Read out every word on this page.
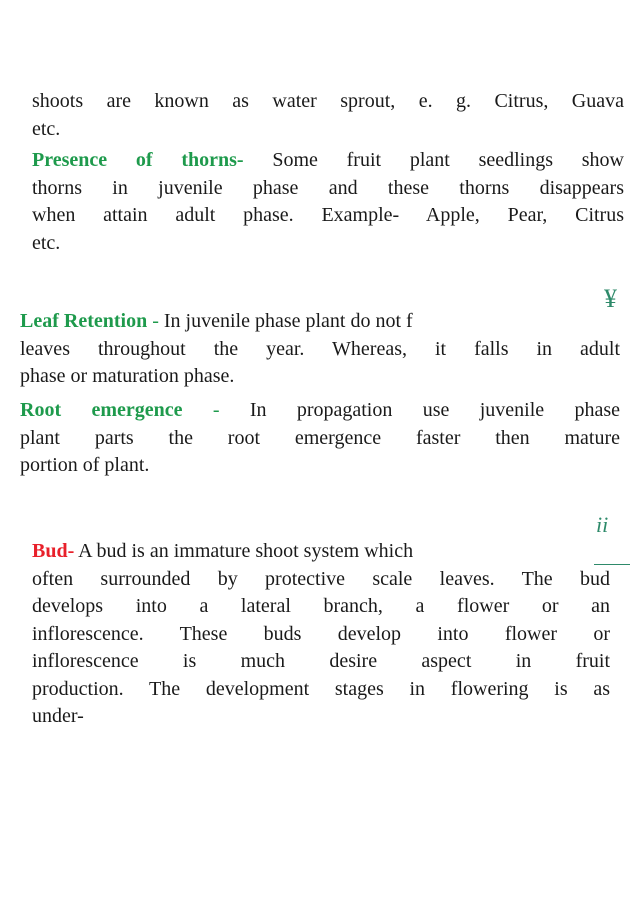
shoots are known as water sprout, e. g. Citrus, Guava
etc.
Presence of thorns- Some fruit plant seedlings show
thorns in juvenile phase and these thorns disappears
when attain adult phase. Example- Apple, Pear, Citrus
etc.
¥
Leaf Retention - In juvenile phase plant do not f
leaves throughout the year. Whereas, it falls in adult
phase or maturation phase.
Root emergence - In propagation use juvenile phase
plant parts the root emergence faster then mature
portion of plant.
ii
Bud- A bud is an immature shoot system which
often surrounded by protective scale leaves. The bud
develops into a lateral branch, a flower or an
inflorescence. These buds develop into flower or
inflorescence is much desire aspect in fruit
production. The development stages in flowering is as
under-
